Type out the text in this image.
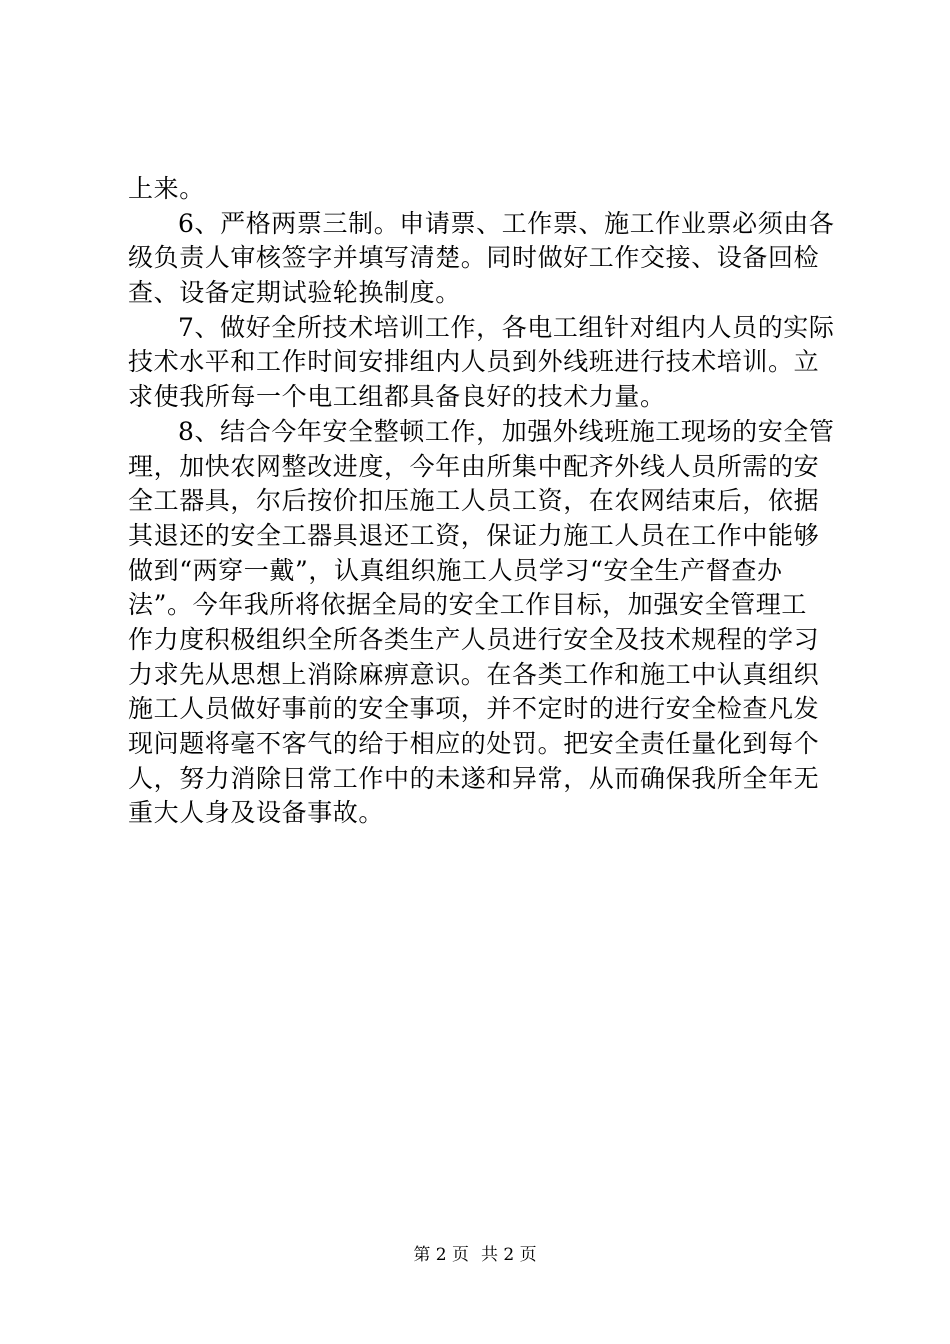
上来。
6、严格两票三制。申请票、工作票、施工作业票必须由各
级负责人审核签字并填写清楚。同时做好工作交接、设备回检
查、设备定期试验轮换制度。
7、做好全所技术培训工作，各电工组针对组内人员的实际
技术水平和工作时间安排组内人员到外线班进行技术培训。立
求使我所每一个电工组都具备良好的技术力量。
8、结合今年安全整顿工作，加强外线班施工现场的安全管
理，加快农网整改进度，今年由所集中配齐外线人员所需的安
全工器具，尔后按价扣压施工人员工资，在农网结束后，依据
其退还的安全工器具退还工资，保证力施工人员在工作中能够
做到“两穿一戴”，认真组织施工人员学习“安全生产督查办
法”。今年我所将依据全局的安全工作目标，加强安全管理工
作力度积极组织全所各类生产人员进行安全及技术规程的学习
力求先从思想上消除麻痹意识。在各类工作和施工中认真组织
施工人员做好事前的安全事项，并不定时的进行安全检查凡发
现问题将毫不客气的给于相应的处罚。把安全责任量化到每个
人，努力消除日常工作中的未遂和异常，从而确保我所全年无
重大人身及设备事故。
第 2 页 共 2 页
